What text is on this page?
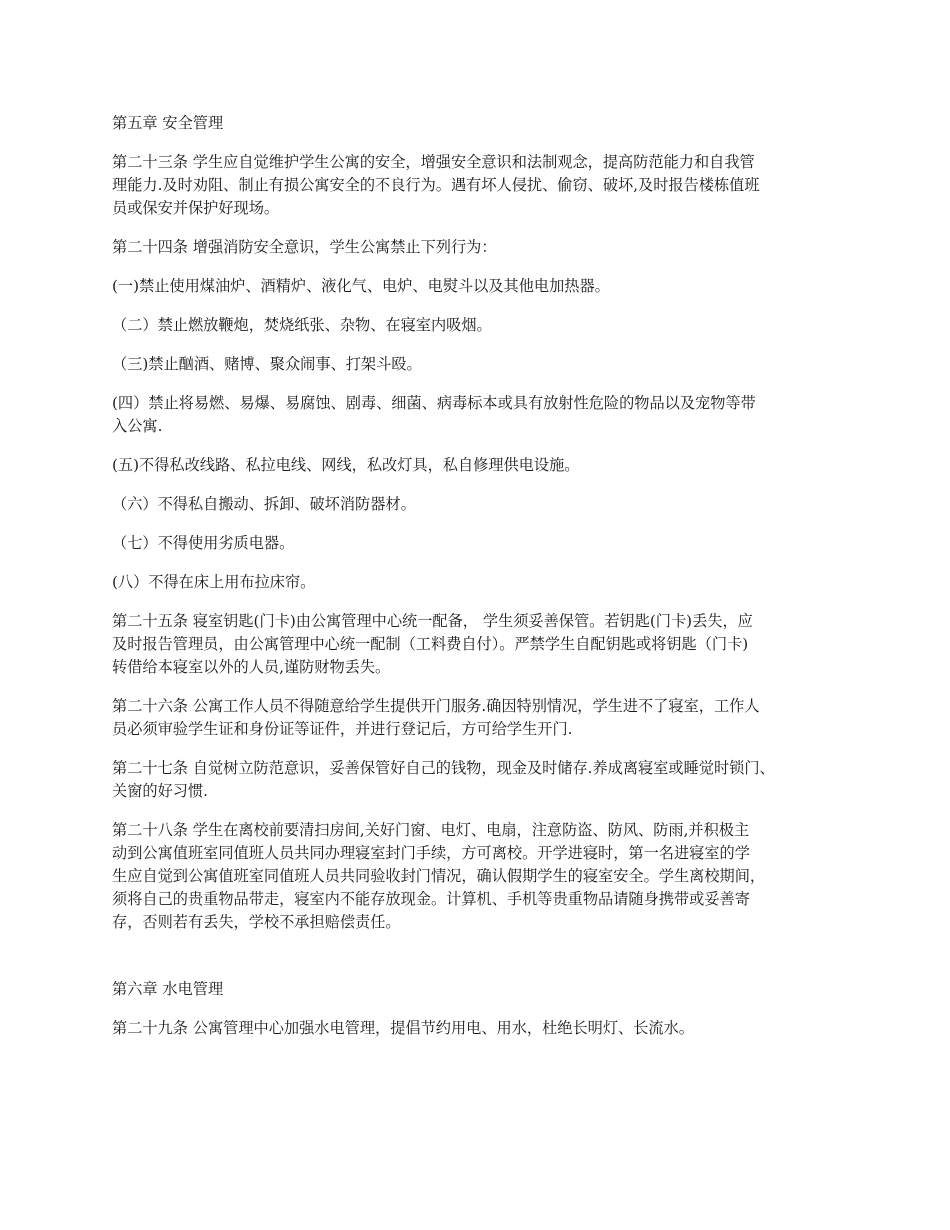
第五章 安全管理

第二十三条 学生应自觉维护学生公寓的安全，增强安全意识和法制观念，提高防范能力和自我管
理能力.及时劝阻、制止有损公寓安全的不良行为。遇有坏人侵扰、偷窃、破坏,及时报告楼栋值班
员或保安并保护好现场。

第二十四条 增强消防安全意识，学生公寓禁止下列行为：

(一)禁止使用煤油炉、酒精炉、液化气、电炉、电熨斗以及其他电加热器。

（二）禁止燃放鞭炮，焚烧纸张、杂物、在寝室内吸烟。

（三)禁止酗酒、赌博、聚众闹事、打架斗殴。

(四）禁止将易燃、易爆、易腐蚀、剧毒、细菌、病毒标本或具有放射性危险的物品以及宠物等带
入公寓.

(五)不得私改线路、私拉电线、网线，私改灯具，私自修理供电设施。

（六）不得私自搬动、拆卸、破坏消防器材。

（七）不得使用劣质电器。

(八）不得在床上用布拉床帘。

第二十五条 寝室钥匙(门卡)由公寓管理中心统一配备， 学生须妥善保管。若钥匙(门卡)丢失，应
及时报告管理员，由公寓管理中心统一配制（工料费自付）。严禁学生自配钥匙或将钥匙（门卡)
转借给本寝室以外的人员,谨防财物丢失。

第二十六条 公寓工作人员不得随意给学生提供开门服务.确因特别情况，学生进不了寝室，工作人
员必须审验学生证和身份证等证件，并进行登记后，方可给学生开门.

第二十七条 自觉树立防范意识，妥善保管好自己的钱物，现金及时储存.养成离寝室或睡觉时锁门、
关窗的好习惯.

第二十八条 学生在离校前要清扫房间,关好门窗、电灯、电扇，注意防盗、防风、防雨,并积极主
动到公寓值班室同值班人员共同办理寝室封门手续，方可离校。开学进寝时，第一名进寝室的学
生应自觉到公寓值班室同值班人员共同验收封门情况，确认假期学生的寝室安全。学生离校期间，
须将自己的贵重物品带走，寝室内不能存放现金。计算机、手机等贵重物品请随身携带或妥善寄
存，否则若有丢失，学校不承担赔偿责任。

第六章 水电管理

第二十九条 公寓管理中心加强水电管理，提倡节约用电、用水，杜绝长明灯、长流水。
